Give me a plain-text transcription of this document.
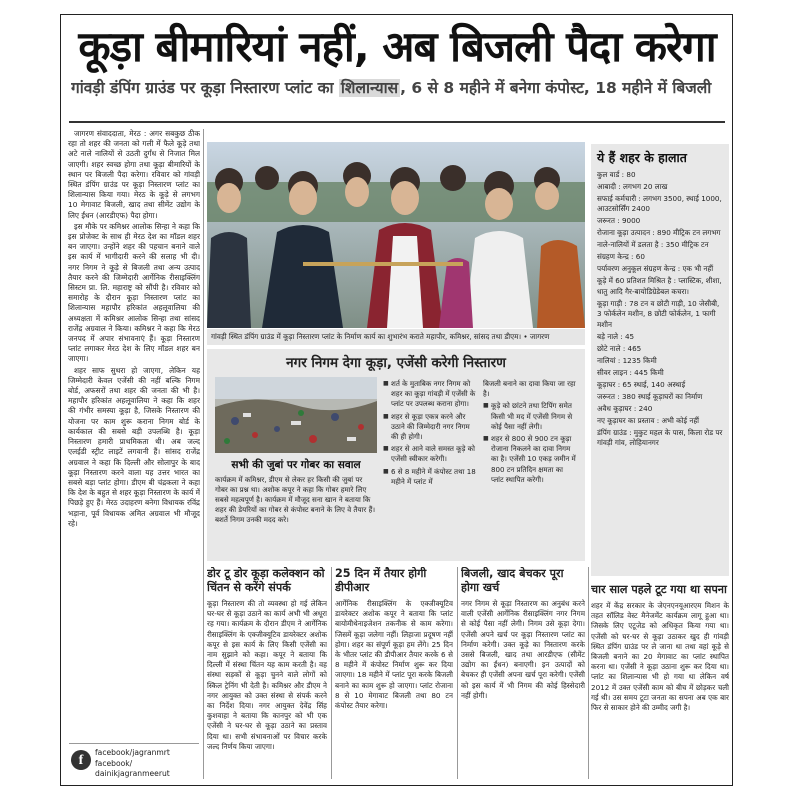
कूड़ा बीमारियां नहीं, अब बिजली पैदा करेगा
गांवड़ी डंपिंग ग्राउंड पर कूड़ा निस्तारण प्लांट का शिलान्यास , 6 से 8 महीने में बनेगा कंपोस्ट, 18 महीने में बिजली

जागरण संवाददाता, मेरठ : अगर सबकुछ ठीक रहा तो शहर की जनता को गली में फैले कूड़े तथा अटे नाले नालियों से उठती दुर्गंध से निजात मिल जाएगी। शहर स्वच्छ होगा तथा कूड़ा बीमारियों के स्थान पर बिजली पैदा करेगा। रविवार को गांवड़ी स्थित डंपिंग ग्राउंड पर कूड़ा निस्तारण प्लांट का शिलान्यास किया गया। मेरठ के कूड़े से लगभग 10 मेगावाट बिजली, खाद तथा सीमेंट उद्योग के लिए ईंधन (आरडीएफ) पैदा होगा।

इस मौके पर कमिश्नर आलोक सिन्हा ने कहा कि इस प्रोजेक्ट के साथ ही मेरठ देश का मॉडल शहर बन जाएगा। उन्होंने शहर की पहचान बनाने वाले इस कार्य में भागीदारी करने की सलाह भी दी। नगर निगम ने कूड़े से बिजली तथा अन्य उत्पाद तैयार करने की जिम्मेदारी आर्गेनिक रीसाइक्लिंग सिस्टम प्रा. लि. महाराष्ट्र को सौंपी है। रविवार को समारोह के दौरान कूड़ा निस्तारण प्लांट का शिलान्यास महापौर हरिकांत अहलूवालिया की अध्यक्षता में कमिश्नर आलोक सिन्हा तथा सांसद राजेंद्र अग्रवाल ने किया। कमिश्नर ने कहा कि मेरठ जनपद में अपार संभावनाएं हैं। कूड़ा निस्तारण प्लांट लगाकर मेरठ देश के लिए मॉडल शहर बन जाएगा।

शहर साफ सुथरा हो जाएगा, लेकिन यह जिम्मेदारी केवल एजेंसी की नहीं बल्कि निगम बोर्ड, अफसरों तथा शहर की जनता की भी है। महापौर हरिकांत अहलूवालिया ने कहा कि शहर की गंभीर समस्या कूड़ा है, जिसके निस्तारण की योजना पर काम शुरू कराना निगम बोर्ड के कार्यकाल की सबसे बड़ी उपलब्धि है। कूड़ा निस्तारण हमारी प्राथमिकता थी। अब जल्द एलईडी स्ट्रीट लाइटें लगवानी हैं। सांसद राजेंद्र अग्रवाल ने कहा कि दिल्ली और सोलापुर के बाद कूड़ा निस्तारण करने वाला यह उत्तर भारत का सबसे बड़ा प्लांट होगा। डीएम बी चंद्रकला ने कहा कि देश के बहुत से शहर कूड़ा निस्तारण के कार्य में पिछड़े हुए हैं। मेरठ उदाहरण बनेगा विधायक रविंद्र भड़ाना, पूर्व विधायक अमित अग्रवाल भी मौजूद रहे।

गांवड़ी स्थित डंपिंग ग्राउंड में कूड़ा निस्तारण प्लांट के निर्माण कार्य का शुभारंभ कराते महापौर, कमिश्नर, सांसद तथा डीएम। • जागरण
ये हैं शहर के हालात
कुल वार्ड : 80
आबादी : लगभग 20 लाख
सफाई कर्मचारी : लगभग 3500, स्थाई 1000, आउटसोर्सिंग 2400
जरूरत : 9000
रोजाना कूड़ा उत्पादन : 890 मीट्रिक टन लगभग
नाले-नालियों में डलता है : 350 मीट्रिक टन
संग्रहण केन्द्र : 60
पर्यावरण अनुकूल संग्रहण केन्द्र : एक भी नहीं
कूड़े में 60 प्रतिशत मिश्रित है : प्लास्टिक, शीशा, धातु आदि गैर-बायोडिग्रेडेबल कचरा।
कूड़ा गाड़ी : 78 टन व छोटी गाड़ी, 10 जेसीबी, 3 फोर्कलेन मशीन, 8 छोटी फोर्कलेन, 1 फागी मशीन
बड़े नाले : 45
छोटे नाले : 465
नालियां : 1235 किमी
सीवर लाइन : 445 किमी
कूड़ाघर : 65 स्थाई, 140 अस्थाई
जरूरत : 380 स्थाई कूड़ाघरों का निर्माण
अवैध कूड़ाघर : 240
नए कूड़ाघर का प्रस्ताव : अभी कोई नहीं
डंपिंग ग्राउंड : मुकुट महल के पास, किला रोड पर गांवड़ी गांव, लोहियानगर
नगर निगम देगा कूड़ा, एजेंसी करेगी निस्तारण
सभी की जुबां पर गोबर का सवाल
कार्यक्रम में कमिश्नर, डीएम से लेकर हर किसी की जुबां पर गोबर का प्रश्न था। अशोक कपूर ने कहा कि गोबर हमारे लिए सबसे महत्वपूर्ण है। कार्यक्रम में मौजूद सना खान ने बताया कि शहर की डेयरियों का गोबर से कंपोस्ट बनाने के लिए वे तैयार हैं। बशर्ते निगम उनकी मदद करे।
■ शर्त के मुताबिक नगर निगम को शहर का कूड़ा गांवड़ी में एजेंसी के प्लांट पर उपलब्ध कराना होगा।
■ शहर से कूड़ा एकत्र करने और उठाने की जिम्मेदारी नगर निगम की ही होगी।
■ शहर से आने वाले समस्त कूड़े को एजेंसी स्वीकार करेगी।
■ 6 से 8 महीने में कंपोस्ट तथा 18 महीने में प्लांट में
बिजली बनाने का दावा किया जा रहा है।
■ कूड़े को छांटने तथा टिपिंग समेत किसी भी मद में एजेंसी निगम से कोई पैसा नहीं लेगी।
■ शहर से 800 से 900 टन कूड़ा रोजाना निकलने का दावा निगम का है। एजेंसी 10 एकड़ जमीन में 800 टन प्रतिदिन क्षमता का प्लांट स्थापित करेगी।
डोर टू डोर कूड़ा कलेक्शन को चिंतन से करेंगे संपर्क
कूड़ा निस्तारण की तो व्यवस्था हो गई लेकिन घर-घर से कूड़ा उठाने का कार्य अभी भी अधूरा रह गया। कार्यक्रम के दौरान डीएम ने आर्गेनिक रीसाइक्लिंग के एक्जीक्यूटिव डायरेक्टर अशोक कपूर से इस कार्य के लिए किसी एजेंसी का नाम सुझाने को कहा। कपूर ने बताया कि दिल्ली में संस्था चिंतन यह काम करती है। वह संस्था सड़कों से कूड़ा चुनने वाले लोगों को स्किल ट्रेनिंग भी देती है। कमिश्नर और डीएम ने नगर आयुक्त को उक्त संस्था से संपर्क करने का निर्देश दिया। नगर आयुक्त देवेंद्र सिंह कुशवाहा ने बताया कि कानपुर को भी एक एजेंसी ने घर-घर से कूड़ा उठाने का प्रस्ताव दिया था। सभी संभावनाओं पर विचार करके जल्द निर्णय किया जाएगा।
25 दिन में तैयार होगी डीपीआर
आर्गेनिक रीसाइक्लिंग के एक्जीक्यूटिव डायरेक्टर अशोक कपूर ने बताया कि प्लांट बायोमीथेनाइजेशन तकनीक से काम करेगा। जिसमें कूड़ा जलेगा नहीं। लिहाजा प्रदूषण नहीं होगा। शहर का संपूर्ण कूड़ा हम लेंगे। 25 दिन के भीतर प्लांट की डीपीआर तैयार करके 6 से 8 महीने में कंपोस्ट निर्माण शुरू कर दिया जाएगा। 18 महीने में प्लांट पूरा करके बिजली बनाने का काम शुरू हो जाएगा। प्लांट रोजाना 8 से 10 मेगावाट बिजली तथा 80 टन कंपोस्ट तैयार करेगा।
बिजली, खाद बेचकर पूरा होगा खर्च
नगर निगम से कूड़ा निस्तारण का अनुबंध करने वाली एजेंसी आर्गेनिक रीसाइक्लिंग नगर निगम से कोई पैसा नहीं लेगी। निगम उसे कूड़ा देगा। एजेंसी अपने खर्च पर कूड़ा निस्तारण प्लांट का निर्माण करेगी। उक्त कूड़े का निस्तारण करके उससे बिजली, खाद तथा आरडीएफ (सीमेंट उद्योग का ईंधन) बनाएगी। इन उत्पादों को बेचकर ही एजेंसी अपना खर्च पूरा करेगी। एजेंसी को इस कार्य में भी निगम की कोई हिस्सेदारी नहीं होगी।
चार साल पहले टूट गया था सपना
शहर में केंद्र सरकार के जेएनएनयूआरएम मिशन के तहत सॉलिड वेस्ट मैनेजमेंट कार्यक्रम लागू हुआ था। जिसके लिए एटूजेड को अधिकृत किया गया था। एजेंसी को घर-घर से कूड़ा उठाकर खुद ही गांवड़ी स्थित डंपिंग ग्राउंड पर ले जाना था तथा वहां कूड़े से बिजली बनाने का 20 मेगावाट का प्लांट स्थापित करना था। एजेंसी ने कूड़ा उठाना शुरू कर दिया था। प्लांट का शिलान्यास भी हो गया था लेकिन वर्ष 2012 में उक्त एजेंसी काम को बीच में छोड़कर चली गई थी। उस समय टूटा जनता का सपना अब एक बार फिर से साकार होने की उम्मीद जगी है।
f
facebook/jagranmrt
facebook/
dainikjagranmeerut
